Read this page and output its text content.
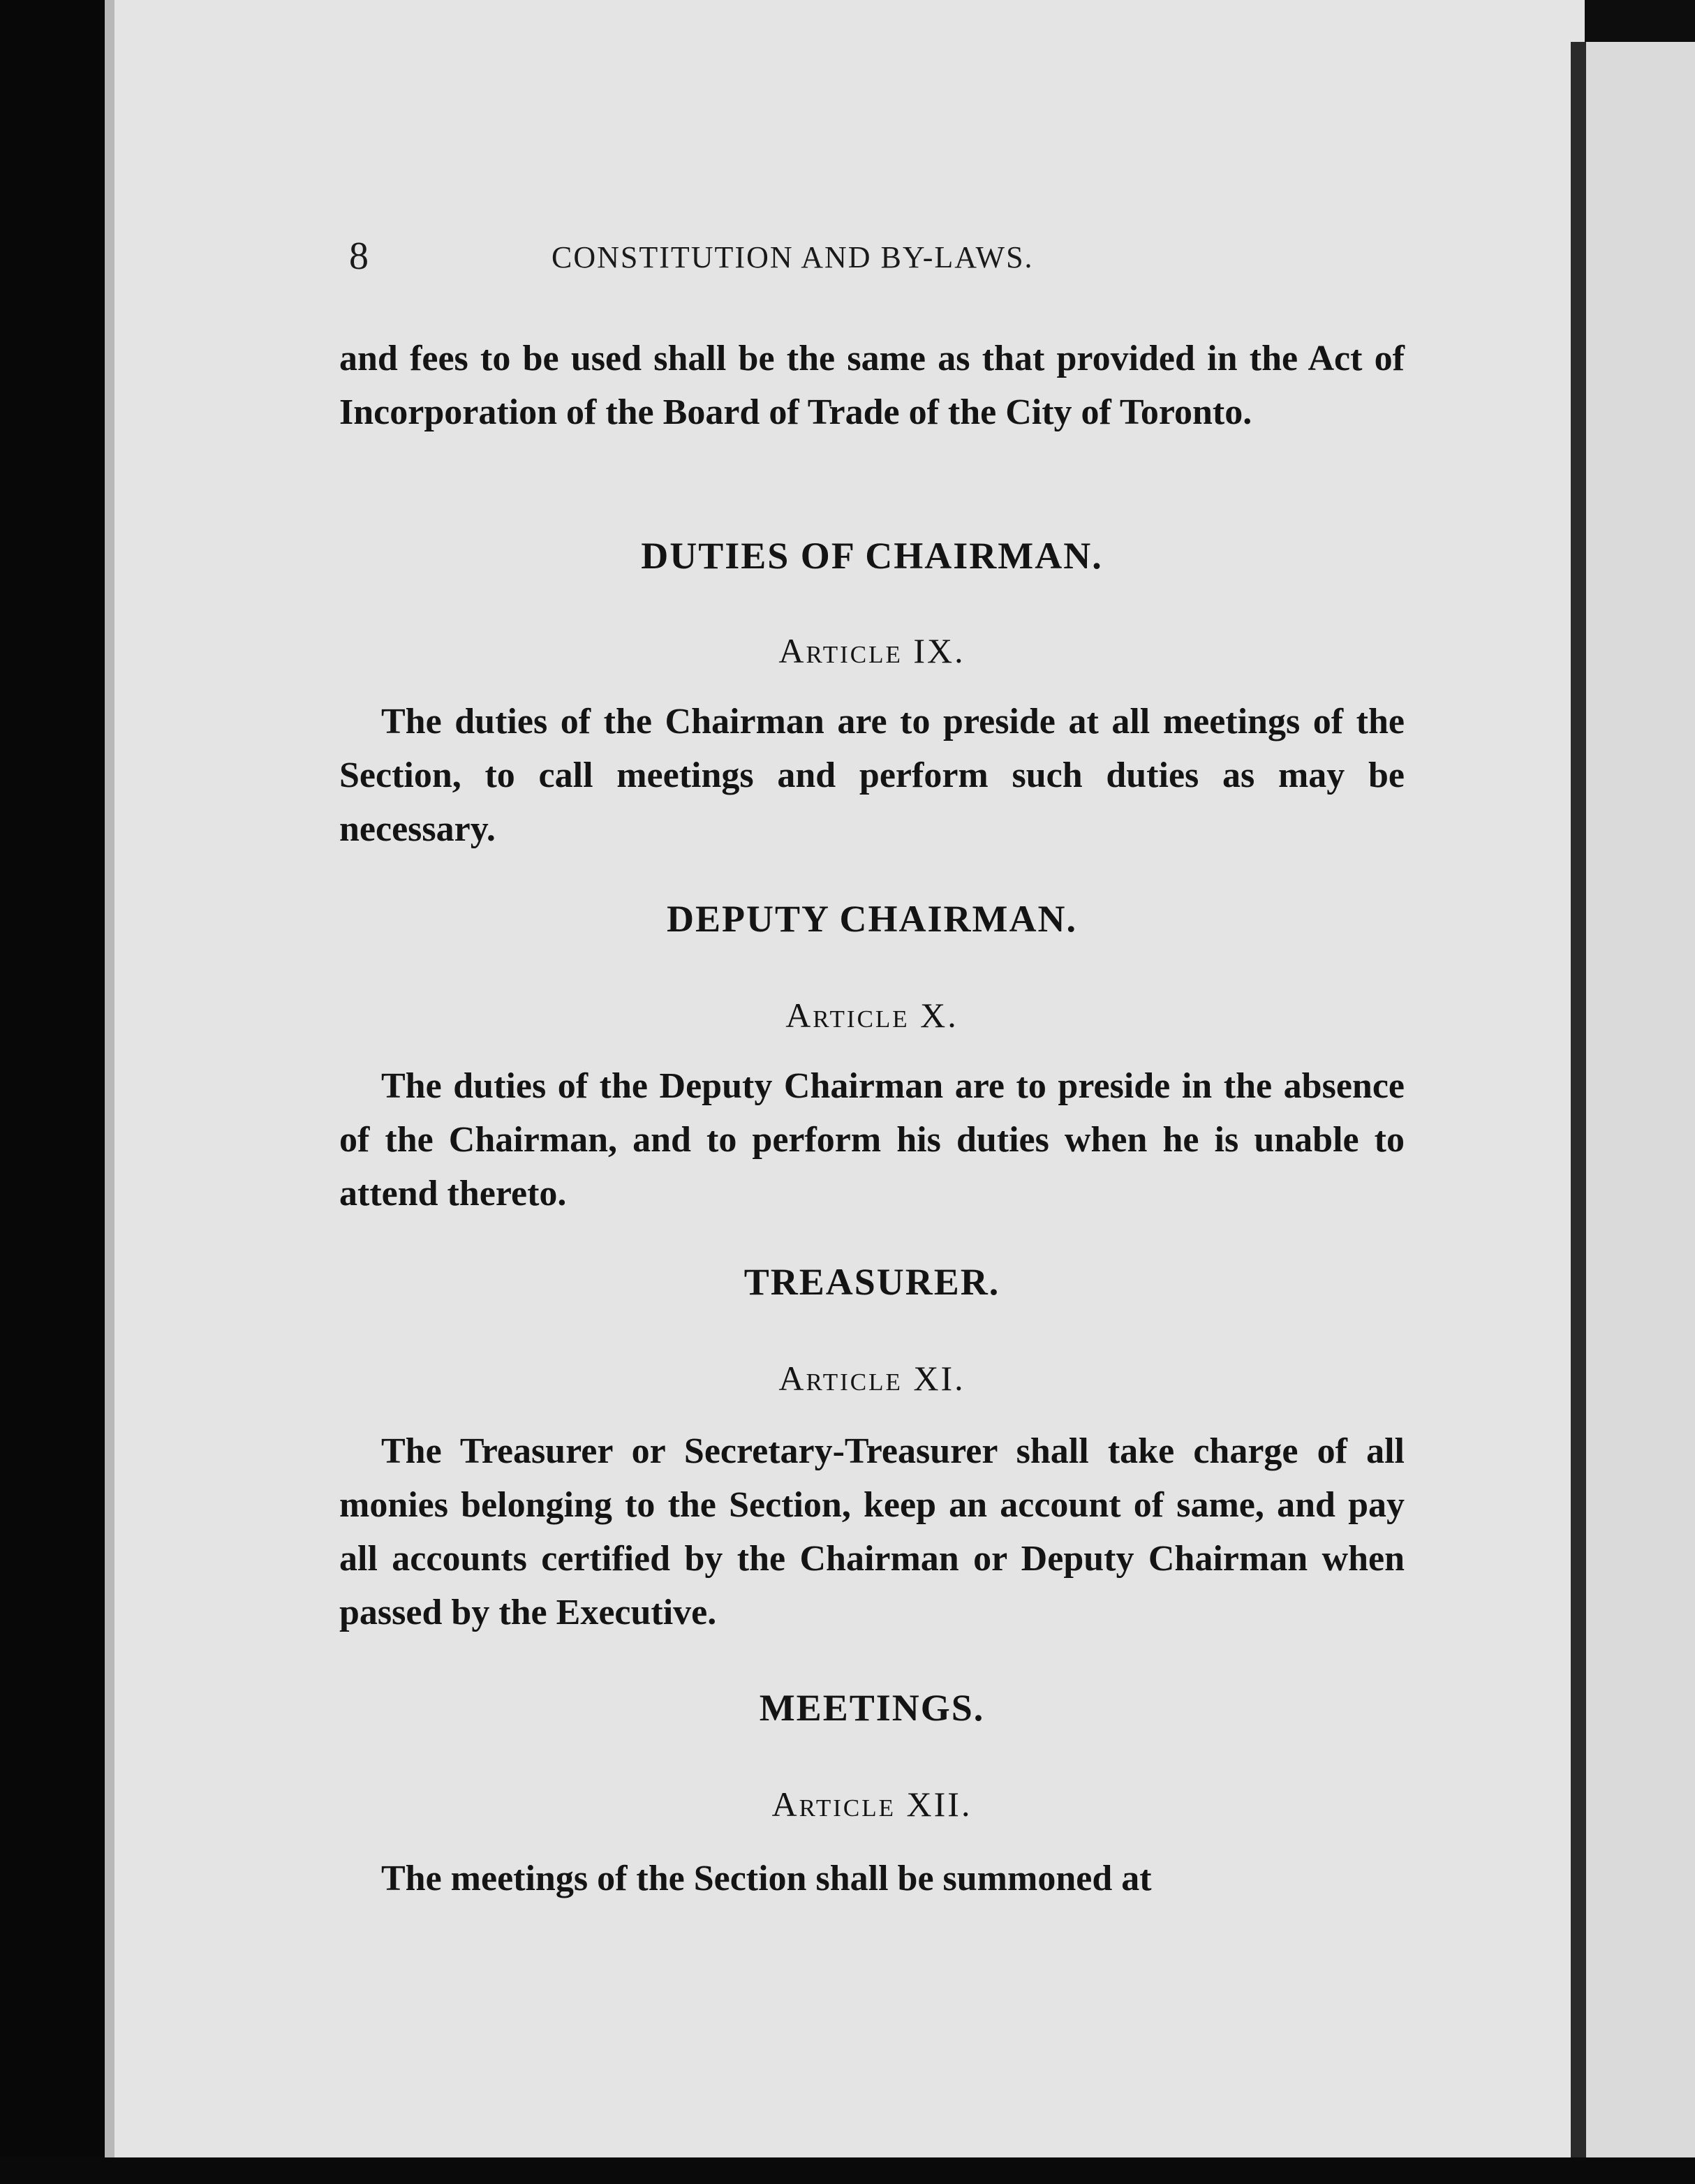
8	CONSTITUTION AND BY-LAWS.

and fees to be used shall be the same as that provided in the Act of Incorporation of the Board of Trade of the City of Toronto.

DUTIES OF CHAIRMAN.

Article IX.

The duties of the Chairman are to preside at all meetings of the Section, to call meetings and perform such duties as may be necessary.

DEPUTY CHAIRMAN.

Article X.

The duties of the Deputy Chairman are to preside in the absence of the Chairman, and to perform his duties when he is unable to attend thereto.

TREASURER.

Article XI.

The Treasurer or Secretary-Treasurer shall take charge of all monies belonging to the Section, keep an account of same, and pay all accounts certified by the Chairman or Deputy Chairman when passed by the Executive.

MEETINGS.

Article XII.

The meetings of the Section shall be summoned at
